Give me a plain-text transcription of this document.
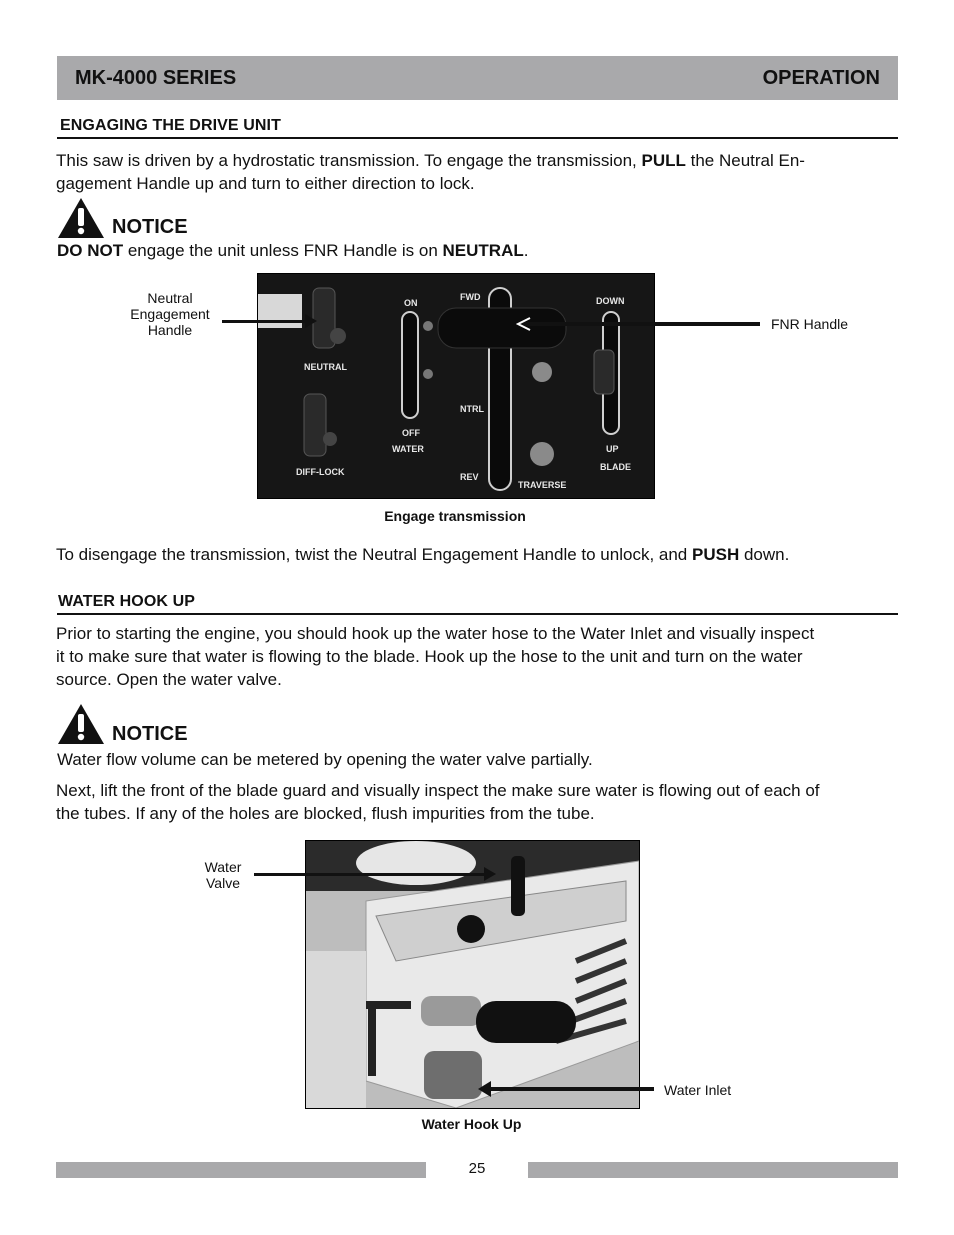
MK-4000 SERIES	OPERATION
ENGAGING THE DRIVE UNIT
This saw is driven by a hydrostatic transmission. To engage the transmission, PULL the Neutral En-
gagement Handle up and turn to either direction to lock.
NOTICE
DO NOT engage the unit unless FNR Handle is on NEUTRAL.
NEUTRAL
DIFF-LOCK
ON
OFF
WATER
FWD
NTRL
REV
TRAVERSE
DOWN
UP
BLADE
Neutral
Engagement
Handle	FNR Handle
Engage transmission
To disengage the transmission, twist the Neutral Engagement Handle to unlock, and PUSH down.
WATER HOOK UP
Prior to starting the engine, you should hook up the water hose to the Water Inlet and visually inspect
it to make sure that water is flowing to the blade. Hook up the hose to the unit and turn on the water
source. Open the water valve.
NOTICE
Water flow volume can be metered by opening the water valve partially.
Next, lift the front of the blade guard and visually inspect the make sure water is flowing out of each of
the tubes. If any of the holes are blocked, flush impurities from the tube.
Water
Valve
Water Inlet
Water Hook Up
25
